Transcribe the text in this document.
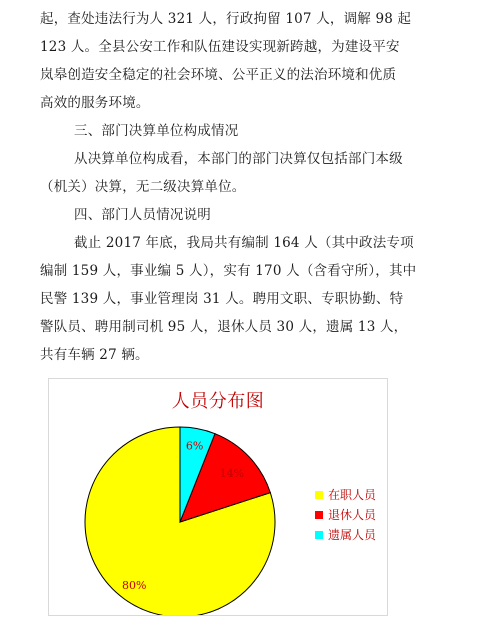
起，查处违法行为人 321 人，行政拘留 107 人，调解 98 起
123 人。全县公安工作和队伍建设实现新跨越，为建设平安
岚皋创造安全稳定的社会环境、公平正义的法治环境和优质
高效的服务环境。
三、部门决算单位构成情况
从决算单位构成看，本部门的部门决算仅包括部门本级
（机关）决算，无二级决算单位。
四、部门人员情况说明
截止 2017 年底，我局共有编制 164 人（其中政法专项
编制 159 人，事业编 5 人），实有 170 人（含看守所），其中
民警 139 人，事业管理岗 31 人。聘用文职、专职协勤、特
警队员、聘用制司机 95 人，退休人员 30 人，遗属 13 人，
共有车辆 27 辆。
人员分布图
80%
14%
6%
在职人员
退休人员
遗属人员
